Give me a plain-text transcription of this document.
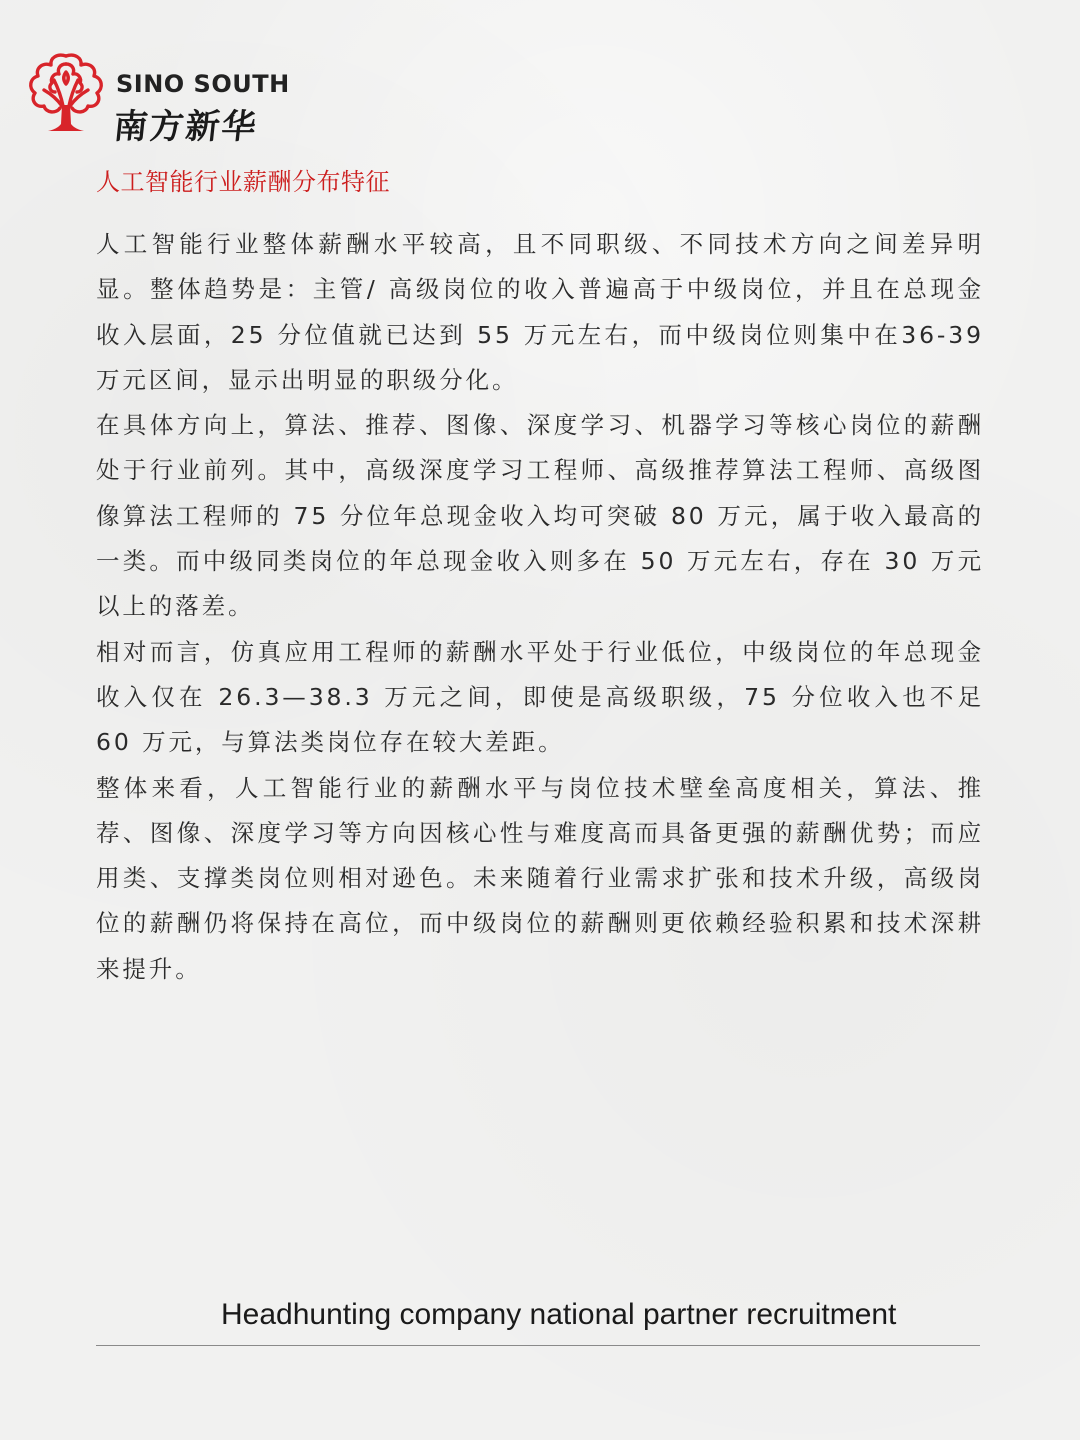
SINO SOUTH
南方新华
人工智能行业薪酬分布特征

人工智能行业整体薪酬水平较高，且不同职级、不同技术方向之间差异明显。整体趋势是：主管/ 高级岗位的收入普遍高于中级岗位，并且在总现金收入层面，25 分位值就已达到 55 万元左右，而中级岗位则集中在36-39 万元区间，显示出明显的职级分化。

在具体方向上，算法、推荐、图像、深度学习、机器学习等核心岗位的薪酬处于行业前列。其中，高级深度学习工程师、高级推荐算法工程师、高级图像算法工程师的 75 分位年总现金收入均可突破 80 万元，属于收入最高的一类。而中级同类岗位的年总现金收入则多在 50 万元左右，存在 30 万元以上的落差。

相对而言，仿真应用工程师的薪酬水平处于行业低位，中级岗位的年总现金收入仅在 26.3—38.3 万元之间，即使是高级职级，75 分位收入也不足 60 万元，与算法类岗位存在较大差距。

整体来看，人工智能行业的薪酬水平与岗位技术壁垒高度相关，算法、推荐、图像、深度学习等方向因核心性与难度高而具备更强的薪酬优势；而应用类、支撑类岗位则相对逊色。未来随着行业需求扩张和技术升级，高级岗位的薪酬仍将保持在高位，而中级岗位的薪酬则更依赖经验积累和技术深耕来提升。

Headhunting company national partner recruitment
